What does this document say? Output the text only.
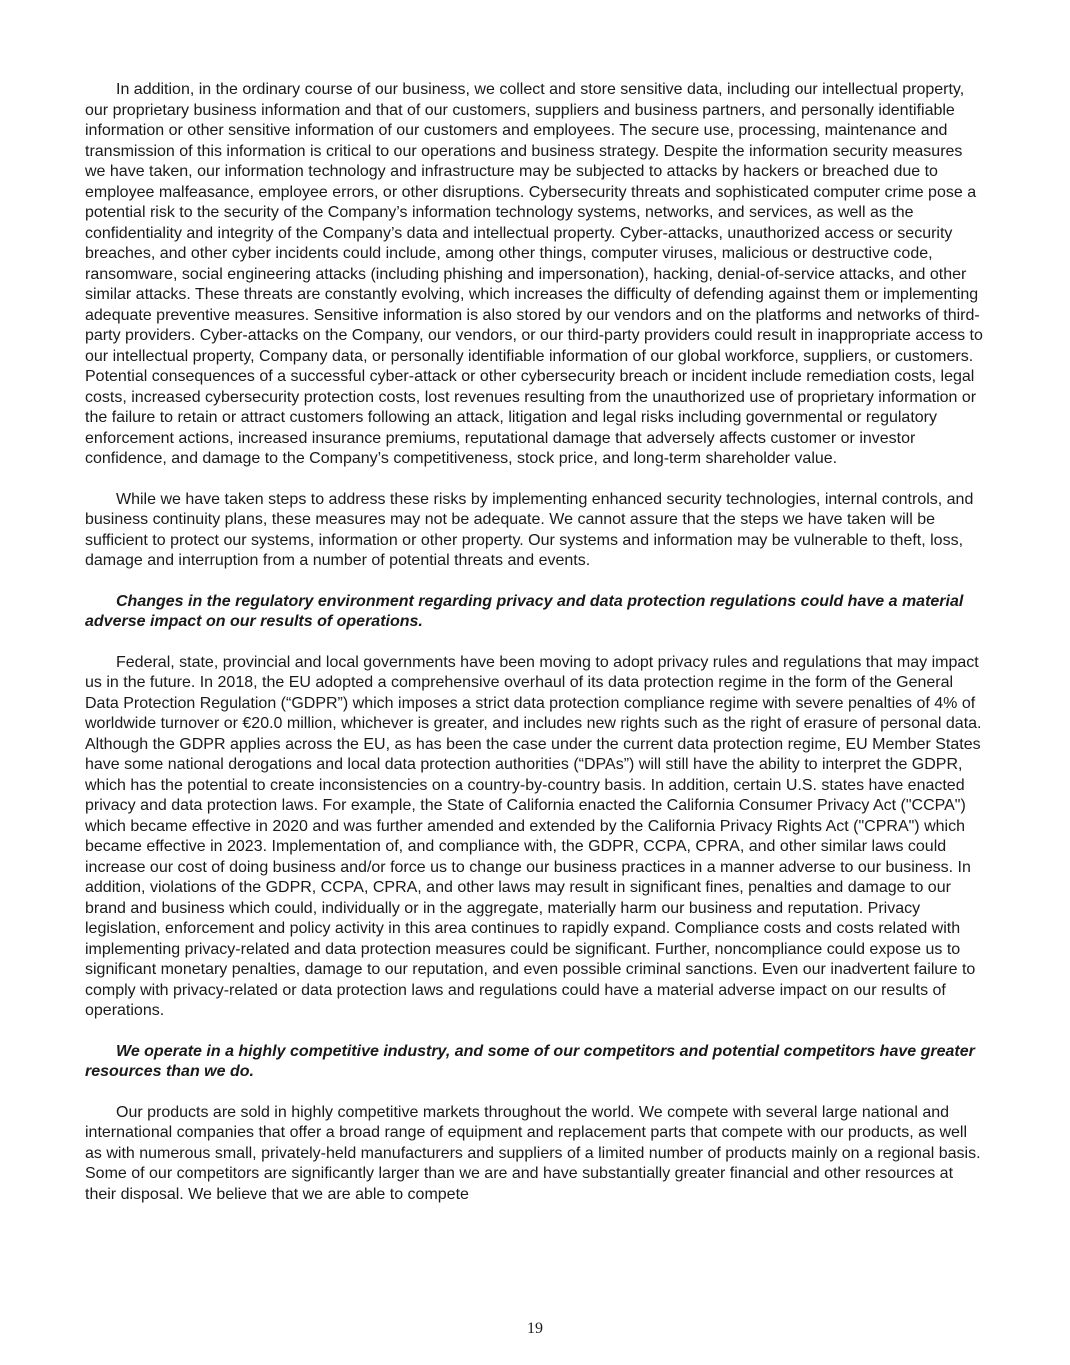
In addition, in the ordinary course of our business, we collect and store sensitive data, including our intellectual property, our proprietary business information and that of our customers, suppliers and business partners, and personally identifiable information or other sensitive information of our customers and employees. The secure use, processing, maintenance and transmission of this information is critical to our operations and business strategy. Despite the information security measures we have taken, our information technology and infrastructure may be subjected to attacks by hackers or breached due to employee malfeasance, employee errors, or other disruptions. Cybersecurity threats and sophisticated computer crime pose a potential risk to the security of the Company’s information technology systems, networks, and services, as well as the confidentiality and integrity of the Company’s data and intellectual property. Cyber-attacks, unauthorized access or security breaches, and other cyber incidents could include, among other things, computer viruses, malicious or destructive code, ransomware, social engineering attacks (including phishing and impersonation), hacking, denial-of-service attacks, and other similar attacks. These threats are constantly evolving, which increases the difficulty of defending against them or implementing adequate preventive measures. Sensitive information is also stored by our vendors and on the platforms and networks of third-party providers. Cyber-attacks on the Company, our vendors, or our third-party providers could result in inappropriate access to our intellectual property, Company data, or personally identifiable information of our global workforce, suppliers, or customers. Potential consequences of a successful cyber-attack or other cybersecurity breach or incident include remediation costs, legal costs, increased cybersecurity protection costs, lost revenues resulting from the unauthorized use of proprietary information or the failure to retain or attract customers following an attack, litigation and legal risks including governmental or regulatory enforcement actions, increased insurance premiums, reputational damage that adversely affects customer or investor confidence, and damage to the Company’s competitiveness, stock price, and long-term shareholder value.

While we have taken steps to address these risks by implementing enhanced security technologies, internal controls, and business continuity plans, these measures may not be adequate. We cannot assure that the steps we have taken will be sufficient to protect our systems, information or other property. Our systems and information may be vulnerable to theft, loss, damage and interruption from a number of potential threats and events.

Changes in the regulatory environment regarding privacy and data protection regulations could have a material adverse impact on our results of operations.

Federal, state, provincial and local governments have been moving to adopt privacy rules and regulations that may impact us in the future. In 2018, the EU adopted a comprehensive overhaul of its data protection regime in the form of the General Data Protection Regulation (“GDPR”) which imposes a strict data protection compliance regime with severe penalties of 4% of worldwide turnover or €20.0 million, whichever is greater, and includes new rights such as the right of erasure of personal data. Although the GDPR applies across the EU, as has been the case under the current data protection regime, EU Member States have some national derogations and local data protection authorities (“DPAs”) will still have the ability to interpret the GDPR, which has the potential to create inconsistencies on a country-by-country basis. In addition, certain U.S. states have enacted privacy and data protection laws. For example, the State of California enacted the California Consumer Privacy Act ("CCPA") which became effective in 2020 and was further amended and extended by the California Privacy Rights Act ("CPRA") which became effective in 2023. Implementation of, and compliance with, the GDPR, CCPA, CPRA, and other similar laws could increase our cost of doing business and/or force us to change our business practices in a manner adverse to our business. In addition, violations of the GDPR, CCPA, CPRA, and other laws may result in significant fines, penalties and damage to our brand and business which could, individually or in the aggregate, materially harm our business and reputation. Privacy legislation, enforcement and policy activity in this area continues to rapidly expand. Compliance costs and costs related with implementing privacy-related and data protection measures could be significant. Further, noncompliance could expose us to significant monetary penalties, damage to our reputation, and even possible criminal sanctions. Even our inadvertent failure to comply with privacy-related or data protection laws and regulations could have a material adverse impact on our results of operations.

We operate in a highly competitive industry, and some of our competitors and potential competitors have greater resources than we do.

Our products are sold in highly competitive markets throughout the world. We compete with several large national and international companies that offer a broad range of equipment and replacement parts that compete with our products, as well as with numerous small, privately-held manufacturers and suppliers of a limited number of products mainly on a regional basis. Some of our competitors are significantly larger than we are and have substantially greater financial and other resources at their disposal. We believe that we are able to compete

19
